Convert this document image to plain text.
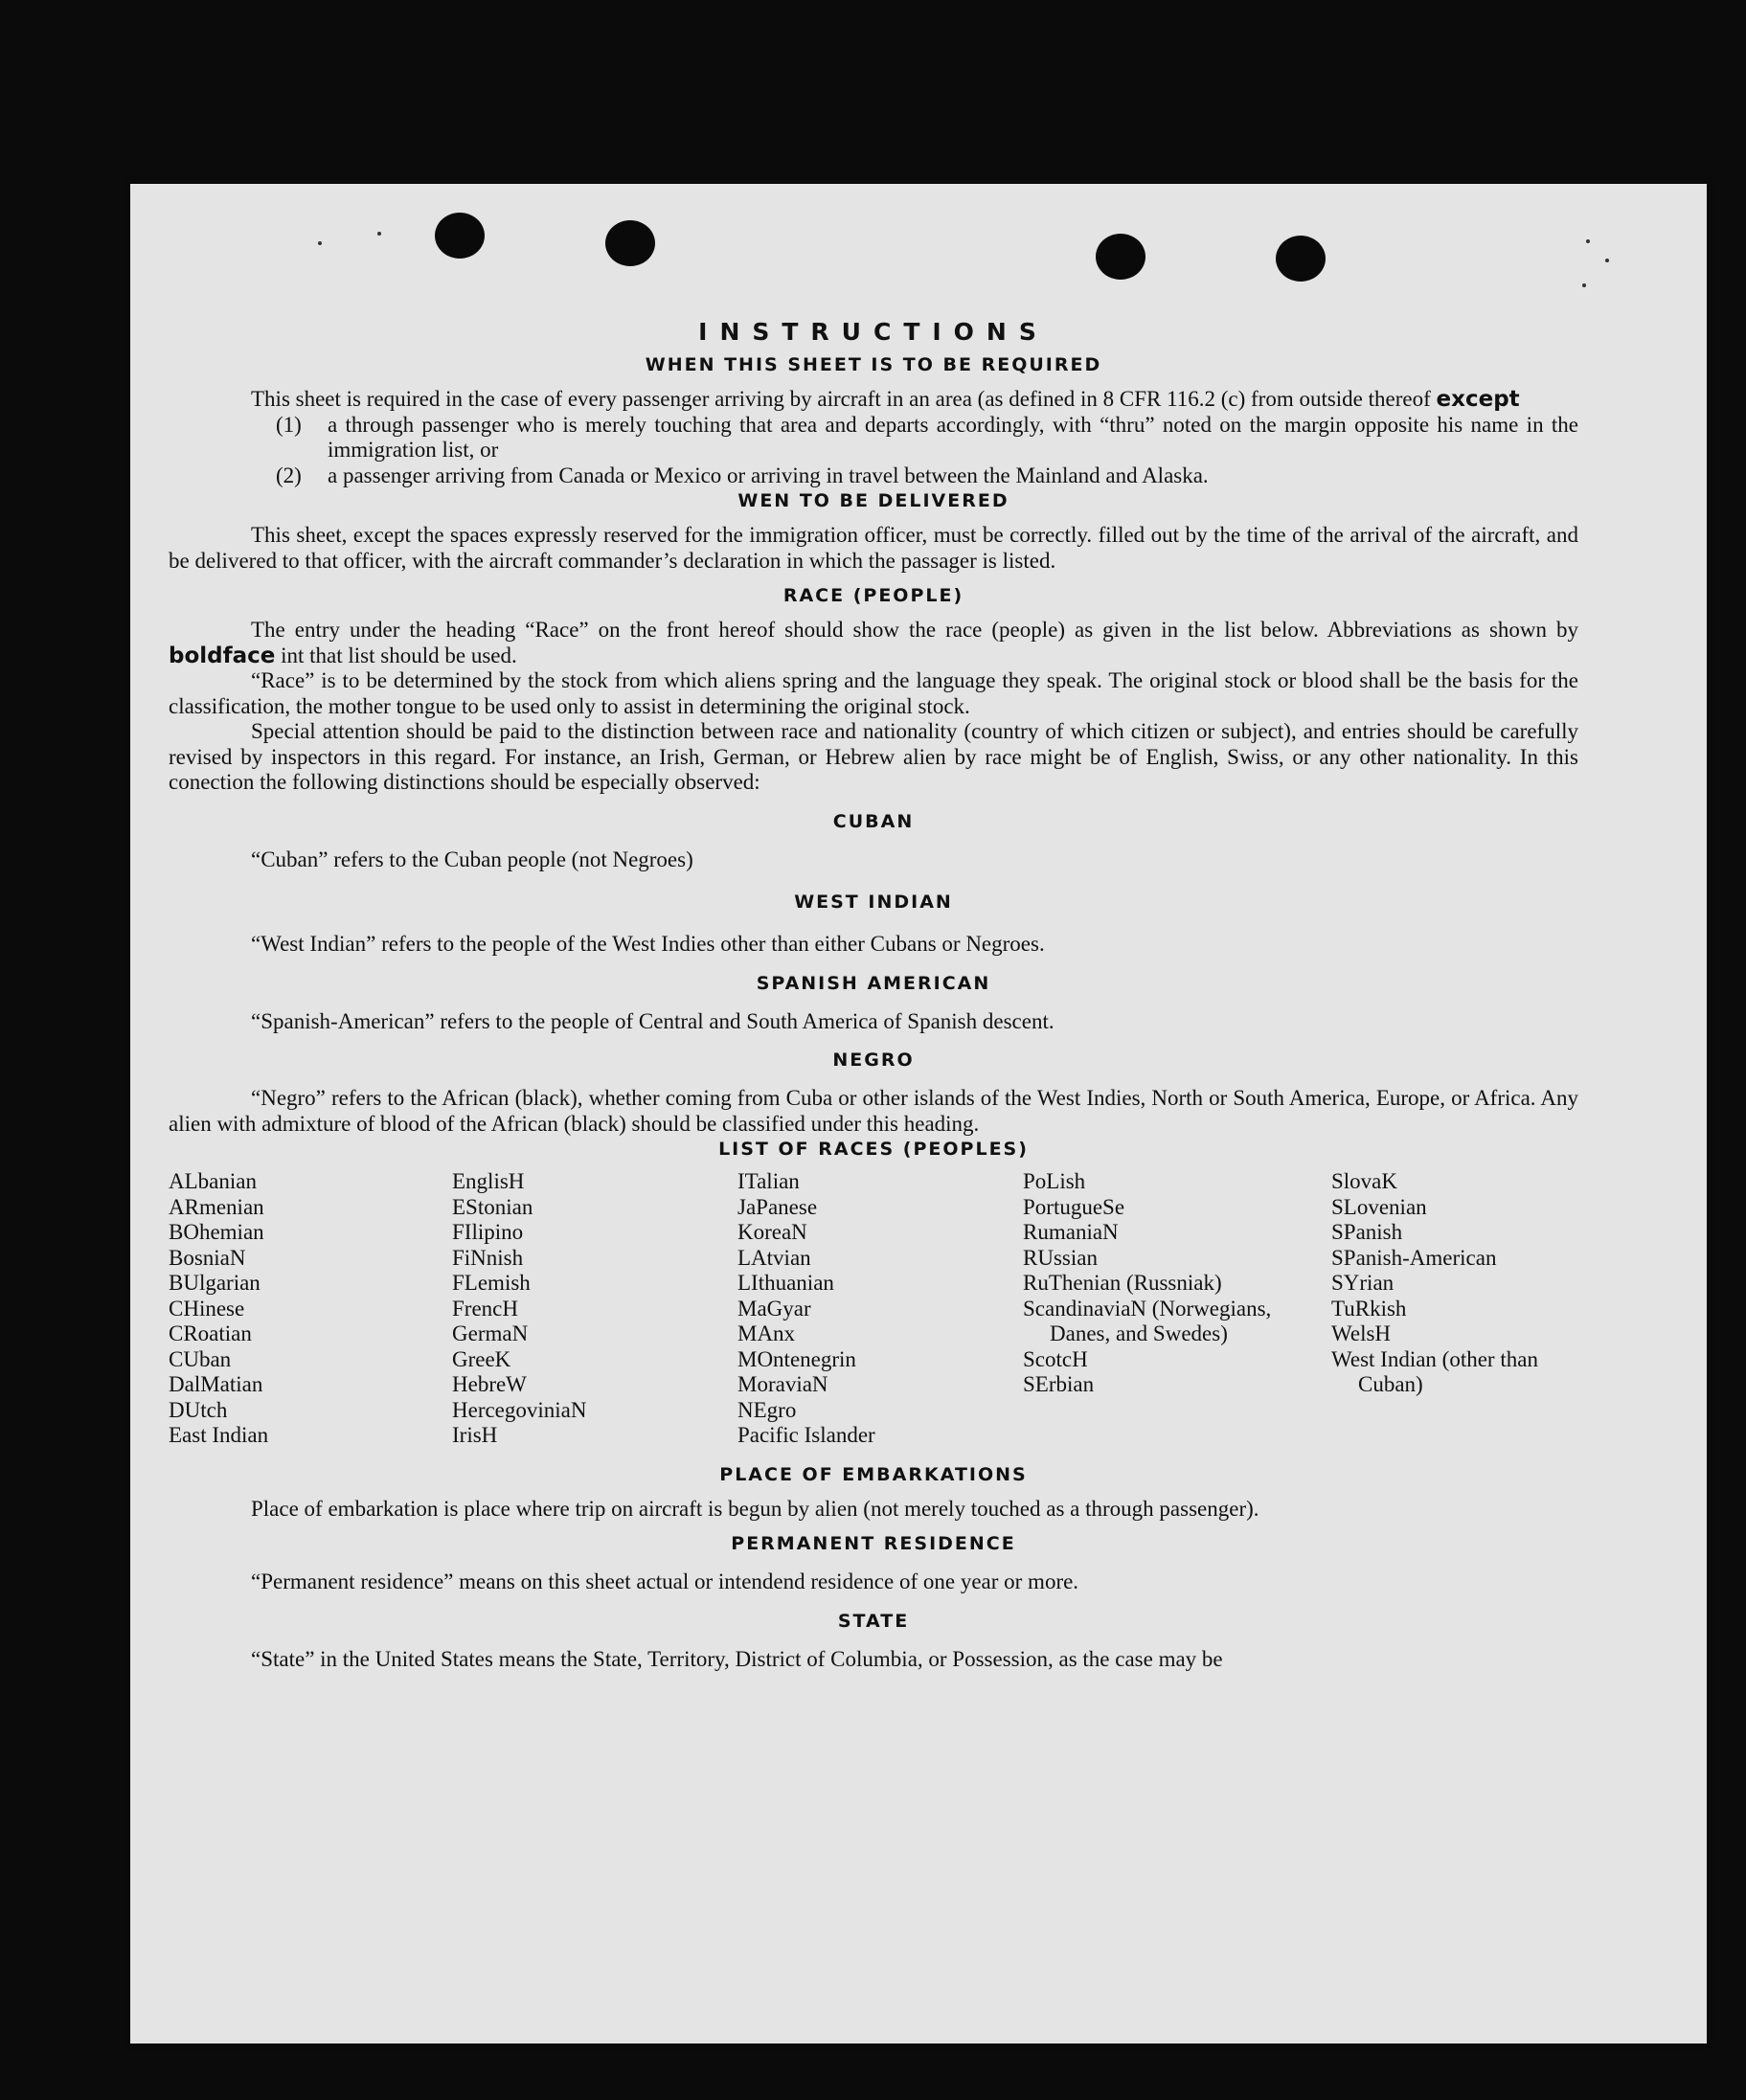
INSTRUCTIONS
WHEN THIS SHEET IS TO BE REQUIRED

This sheet is required in the case of every passenger arriving by aircraft in an area (as defined in 8 CFR 116.2 (c) from outside thereof except

(1)	a through passenger who is merely touching that area and departs accordingly, with “thru” noted on the margin opposite his name in the immigration list, or
(2)	a passenger arriving from Canada or Mexico or arriving in travel between the Mainland and Alaska.
WEN TO BE DELIVERED

This sheet, except the spaces expressly reserved for the immigration officer, must be correctly. filled out by the time of the arrival of the aircraft, and be delivered to that officer, with the aircraft commander’s declaration in which the passager is listed.

RACE (PEOPLE)

The entry under the heading “Race” on the front hereof should show the race (people) as given in the list below. Abbreviations as shown by boldface int that list should be used.

“Race” is to be determined by the stock from which aliens spring and the language they speak. The original stock or blood shall be the basis for the classification, the mother tongue to be used only to assist in determining the original stock.

Special attention should be paid to the distinction between race and nationality (country of which citizen or subject), and entries should be carefully revised by inspectors in this regard. For instance, an Irish, German, or Hebrew alien by race might be of English, Swiss, or any other nationality. In this conection the following distinctions should be especially observed:

CUBAN

“Cuban” refers to the Cuban people (not Negroes)

WEST INDIAN

“West Indian” refers to the people of the West Indies other than either Cubans or Negroes.

SPANISH AMERICAN

“Spanish-American” refers to the people of Central and South America of Spanish descent.

NEGRO

“Negro” refers to the African (black), whether coming from Cuba or other islands of the West Indies, North or South America, Europe, or Africa. Any alien with admixture of blood of the African (black) should be classified under this heading.

LIST OF RACES (PEOPLES)
ALbanian
ARmenian
BOhemian
BosniaN
BUlgarian
CHinese
CRoatian
CUban
DalMatian
DUtch
East Indian
EnglisH
EStonian
FIlipino
FiNnish
FLemish
FrencH
GermaN
GreeK
HebreW
HercegoviniaN
IrisH
ITalian
JaPanese
KoreaN
LAtvian
LIthuanian
MaGyar
MAnx
MOntenegrin
MoraviaN
NEgro
Pacific Islander
PoLish
PortugueSe
RumaniaN
RUssian
RuThenian (Russniak)
ScandinaviaN (Norwegians, Danes, and Swedes)
ScotcH
SErbian
SlovaK
SLovenian
SPanish
SPanish-American
SYrian
TuRkish
WelsH
West Indian (other than Cuban)
PLACE OF EMBARKATIONS

Place of embarkation is place where trip on aircraft is begun by alien (not merely touched as a through passenger).

PERMANENT RESIDENCE

“Permanent residence” means on this sheet actual or intendend residence of one year or more.

STATE

“State” in the United States means the State, Territory, District of Columbia, or Possession, as the case may be
